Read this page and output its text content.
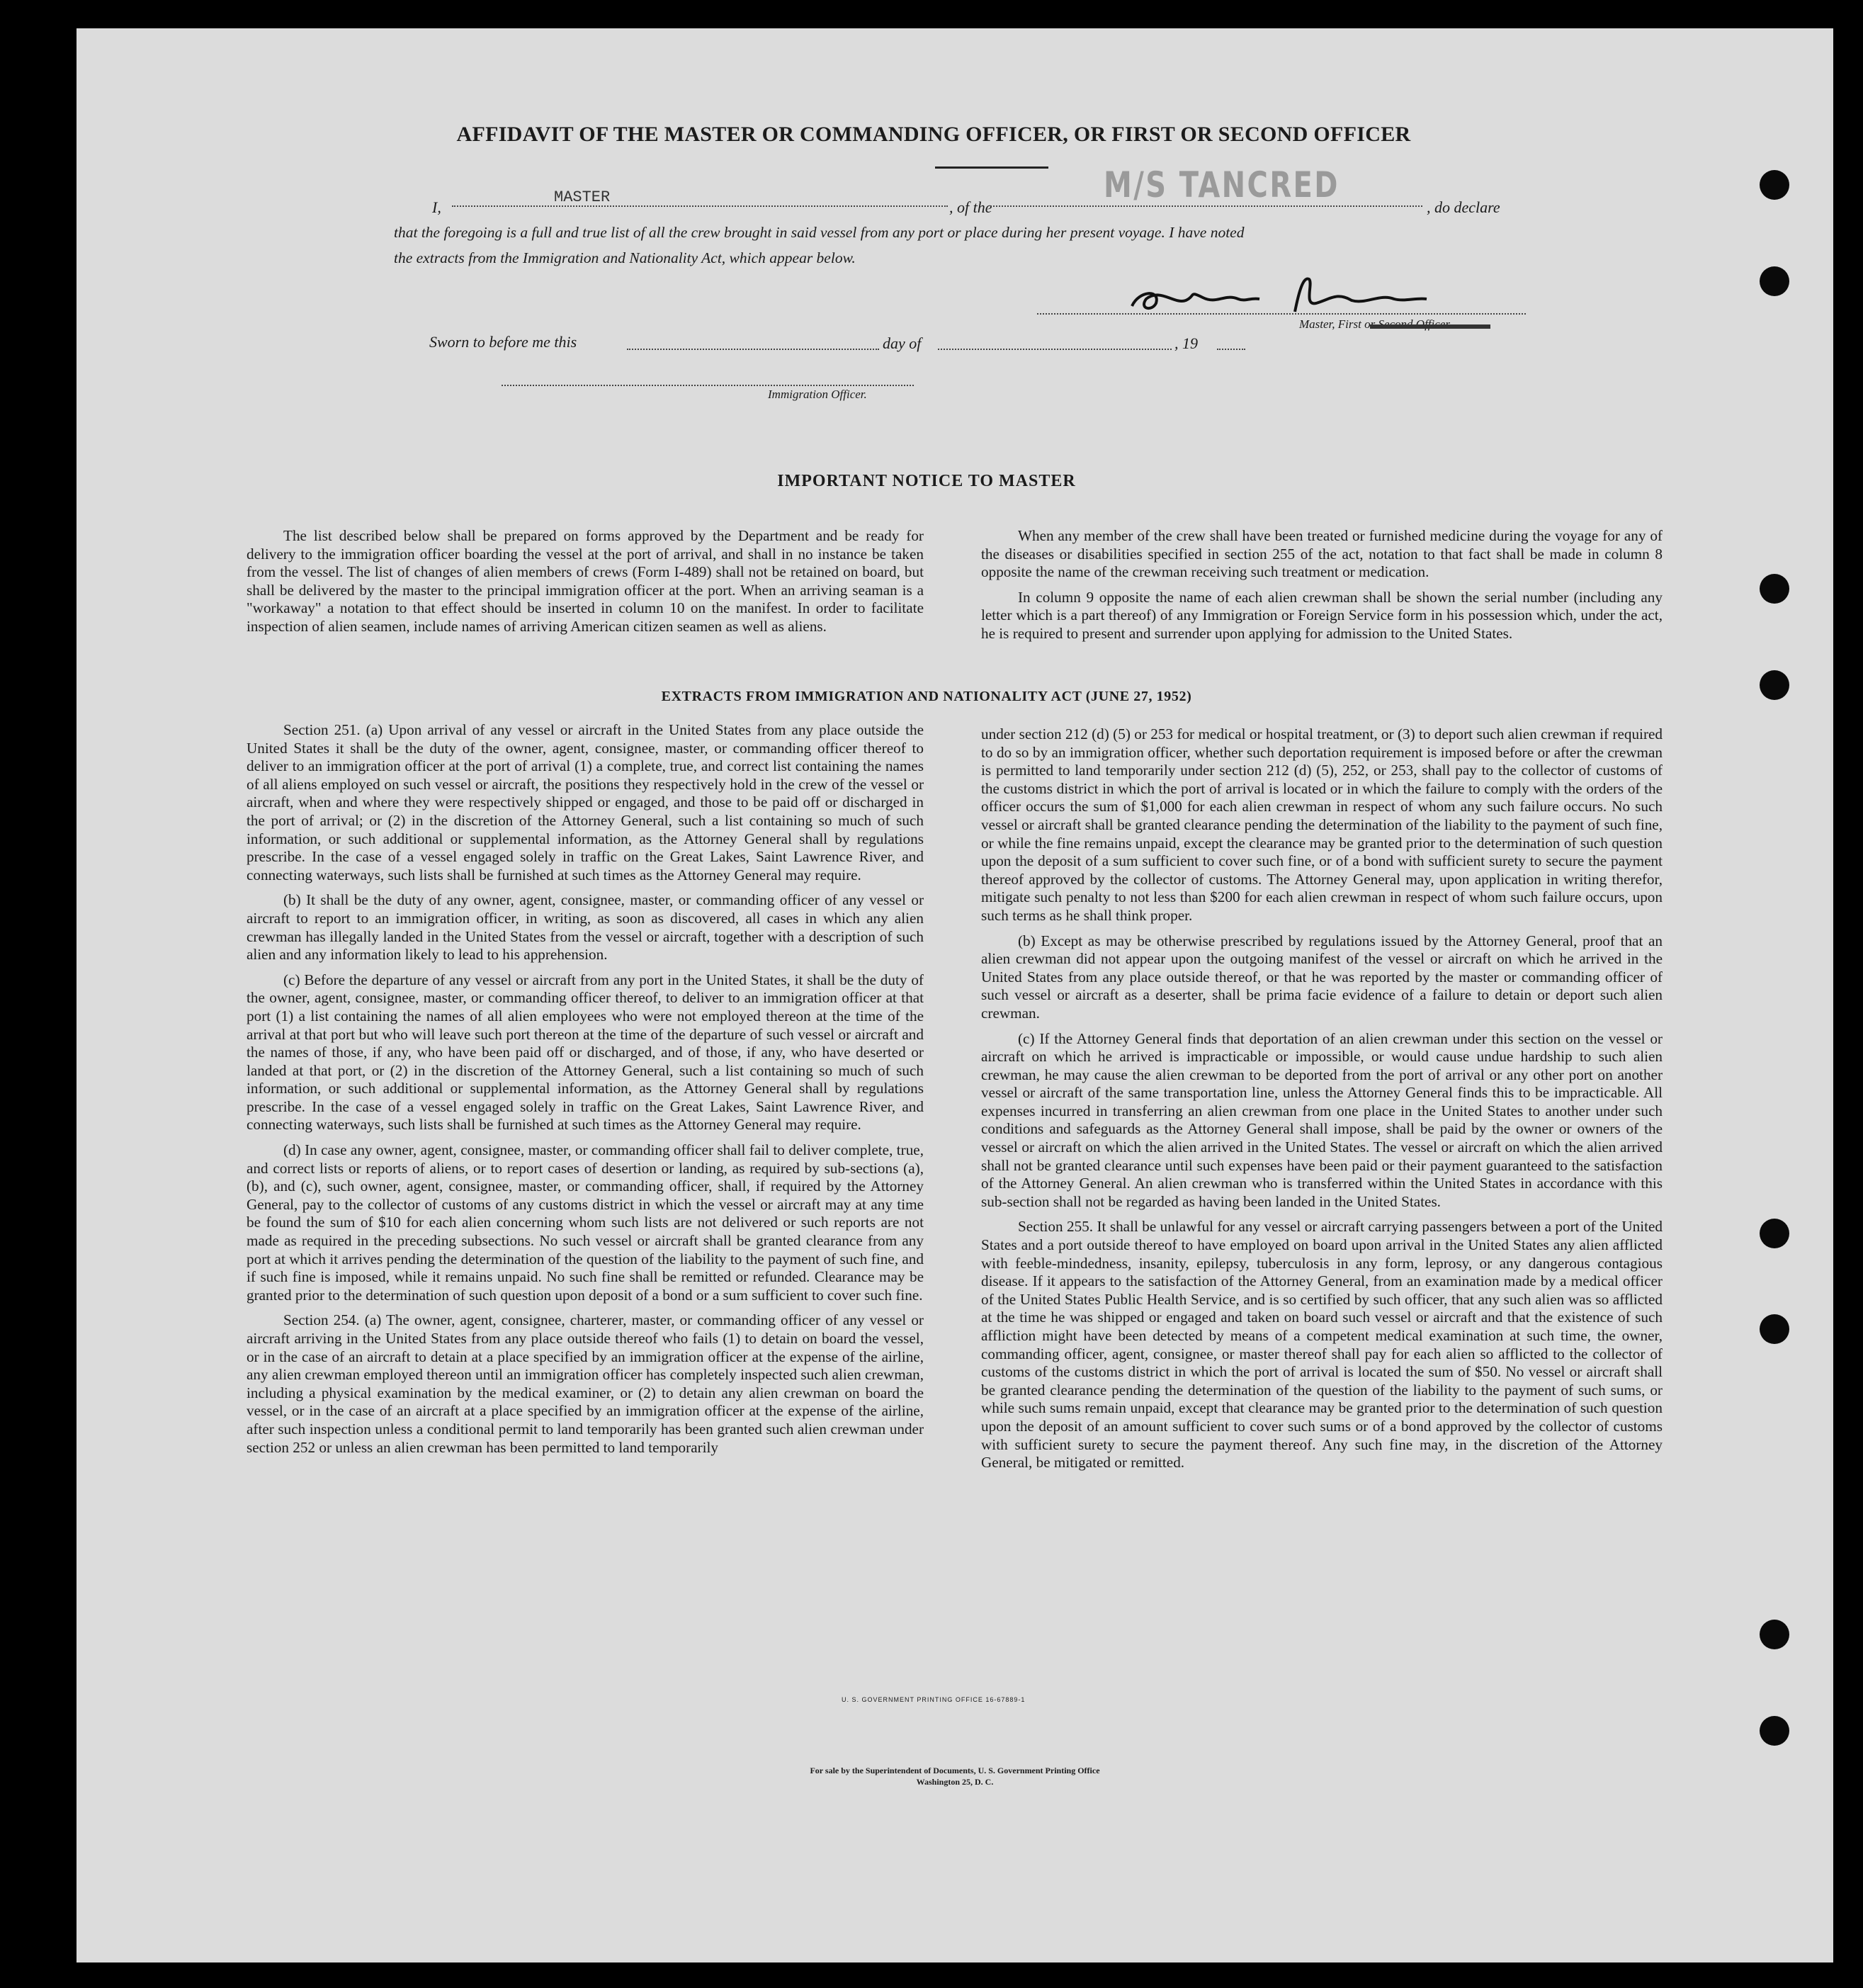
AFFIDAVIT OF THE MASTER OR COMMANDING OFFICER, OR FIRST OR SECOND OFFICER
I,
MASTER
, of the
M/S TANCRED
, do declare
that the foregoing is a full and true list of all the crew brought in said vessel from any port or place during her present voyage. I have noted
the extracts from the Immigration and Nationality Act, which appear below.
Master, First or Second Officer.
Sworn to before me this	day of	, 19
Immigration Officer.
IMPORTANT NOTICE TO MASTER

The list described below shall be prepared on forms approved by the Department and be ready for delivery to the immigration officer boarding the vessel at the port of arrival, and shall in no instance be taken from the vessel. The list of changes of alien members of crews (Form I-489) shall not be retained on board, but shall be delivered by the master to the principal immigration officer at the port. When an arriving seaman is a "workaway" a notation to that effect should be inserted in column 10 on the manifest. In order to facilitate inspection of alien seamen, include names of arriving American citizen seamen as well as aliens.

When any member of the crew shall have been treated or furnished medicine during the voyage for any of the diseases or disabilities specified in section 255 of the act, notation to that fact shall be made in column 8 opposite the name of the crewman receiving such treatment or medication.

In column 9 opposite the name of each alien crewman shall be shown the serial number (including any letter which is a part thereof) of any Immigration or Foreign Service form in his possession which, under the act, he is required to present and surrender upon applying for admission to the United States.

EXTRACTS FROM IMMIGRATION AND NATIONALITY ACT (JUNE 27, 1952)

Section 251. (a) Upon arrival of any vessel or aircraft in the United States from any place outside the United States it shall be the duty of the owner, agent, consignee, master, or commanding officer thereof to deliver to an immigration officer at the port of arrival (1) a complete, true, and correct list containing the names of all aliens employed on such vessel or aircraft, the positions they respectively hold in the crew of the vessel or aircraft, when and where they were respectively shipped or engaged, and those to be paid off or discharged in the port of arrival; or (2) in the discretion of the Attorney General, such a list containing so much of such information, or such additional or supplemental information, as the Attorney General shall by regulations prescribe. In the case of a vessel engaged solely in traffic on the Great Lakes, Saint Lawrence River, and connecting waterways, such lists shall be furnished at such times as the Attorney General may require.

(b) It shall be the duty of any owner, agent, consignee, master, or commanding officer of any vessel or aircraft to report to an immigration officer, in writing, as soon as discovered, all cases in which any alien crewman has illegally landed in the United States from the vessel or aircraft, together with a description of such alien and any information likely to lead to his apprehension.

(c) Before the departure of any vessel or aircraft from any port in the United States, it shall be the duty of the owner, agent, consignee, master, or commanding officer thereof, to deliver to an immigration officer at that port (1) a list containing the names of all alien employees who were not employed thereon at the time of the arrival at that port but who will leave such port thereon at the time of the departure of such vessel or aircraft and the names of those, if any, who have been paid off or discharged, and of those, if any, who have deserted or landed at that port, or (2) in the discretion of the Attorney General, such a list containing so much of such information, or such additional or supplemental information, as the Attorney General shall by regulations prescribe. In the case of a vessel engaged solely in traffic on the Great Lakes, Saint Lawrence River, and connecting waterways, such lists shall be furnished at such times as the Attorney General may require.

(d) In case any owner, agent, consignee, master, or commanding officer shall fail to deliver complete, true, and correct lists or reports of aliens, or to report cases of desertion or landing, as required by sub-sections (a), (b), and (c), such owner, agent, consignee, master, or commanding officer, shall, if required by the Attorney General, pay to the collector of customs of any customs district in which the vessel or aircraft may at any time be found the sum of $10 for each alien concerning whom such lists are not delivered or such reports are not made as required in the preceding subsections. No such vessel or aircraft shall be granted clearance from any port at which it arrives pending the determination of the question of the liability to the payment of such fine, and if such fine is imposed, while it remains unpaid. No such fine shall be remitted or refunded. Clearance may be granted prior to the determination of such question upon deposit of a bond or a sum sufficient to cover such fine.

Section 254. (a) The owner, agent, consignee, charterer, master, or commanding officer of any vessel or aircraft arriving in the United States from any place outside thereof who fails (1) to detain on board the vessel, or in the case of an aircraft to detain at a place specified by an immigration officer at the expense of the airline, any alien crewman employed thereon until an immigration officer has completely inspected such alien crewman, including a physical examination by the medical examiner, or (2) to detain any alien crewman on board the vessel, or in the case of an aircraft at a place specified by an immigration officer at the expense of the airline, after such inspection unless a conditional permit to land temporarily has been granted such alien crewman under section 252 or unless an alien crewman has been permitted to land temporarily

under section 212 (d) (5) or 253 for medical or hospital treatment, or (3) to deport such alien crewman if required to do so by an immigration officer, whether such deportation requirement is imposed before or after the crewman is permitted to land temporarily under section 212 (d) (5), 252, or 253, shall pay to the collector of customs of the customs district in which the port of arrival is located or in which the failure to comply with the orders of the officer occurs the sum of $1,000 for each alien crewman in respect of whom any such failure occurs. No such vessel or aircraft shall be granted clearance pending the determination of the liability to the payment of such fine, or while the fine remains unpaid, except the clearance may be granted prior to the determination of such question upon the deposit of a sum sufficient to cover such fine, or of a bond with sufficient surety to secure the payment thereof approved by the collector of customs. The Attorney General may, upon application in writing therefor, mitigate such penalty to not less than $200 for each alien crewman in respect of whom such failure occurs, upon such terms as he shall think proper.

(b) Except as may be otherwise prescribed by regulations issued by the Attorney General, proof that an alien crewman did not appear upon the outgoing manifest of the vessel or aircraft on which he arrived in the United States from any place outside thereof, or that he was reported by the master or commanding officer of such vessel or aircraft as a deserter, shall be prima facie evidence of a failure to detain or deport such alien crewman.

(c) If the Attorney General finds that deportation of an alien crewman under this section on the vessel or aircraft on which he arrived is impracticable or impossible, or would cause undue hardship to such alien crewman, he may cause the alien crewman to be deported from the port of arrival or any other port on another vessel or aircraft of the same transportation line, unless the Attorney General finds this to be impracticable. All expenses incurred in transferring an alien crewman from one place in the United States to another under such conditions and safeguards as the Attorney General shall impose, shall be paid by the owner or owners of the vessel or aircraft on which the alien arrived in the United States. The vessel or aircraft on which the alien arrived shall not be granted clearance until such expenses have been paid or their payment guaranteed to the satisfaction of the Attorney General. An alien crewman who is transferred within the United States in accordance with this sub-section shall not be regarded as having been landed in the United States.

Section 255. It shall be unlawful for any vessel or aircraft carrying passengers between a port of the United States and a port outside thereof to have employed on board upon arrival in the United States any alien afflicted with feeble-mindedness, insanity, epilepsy, tuberculosis in any form, leprosy, or any dangerous contagious disease. If it appears to the satisfaction of the Attorney General, from an examination made by a medical officer of the United States Public Health Service, and is so certified by such officer, that any such alien was so afflicted at the time he was shipped or engaged and taken on board such vessel or aircraft and that the existence of such affliction might have been detected by means of a competent medical examination at such time, the owner, commanding officer, agent, consignee, or master thereof shall pay for each alien so afflicted to the collector of customs of the customs district in which the port of arrival is located the sum of $50. No vessel or aircraft shall be granted clearance pending the determination of the question of the liability to the payment of such sums, or while such sums remain unpaid, except that clearance may be granted prior to the determination of such question upon the deposit of an amount sufficient to cover such sums or of a bond approved by the collector of customs with sufficient surety to secure the payment thereof. Any such fine may, in the discretion of the Attorney General, be mitigated or remitted.

U. S. GOVERNMENT PRINTING OFFICE 16-67889-1
For sale by the Superintendent of Documents, U. S. Government Printing Office
Washington 25, D. C.
